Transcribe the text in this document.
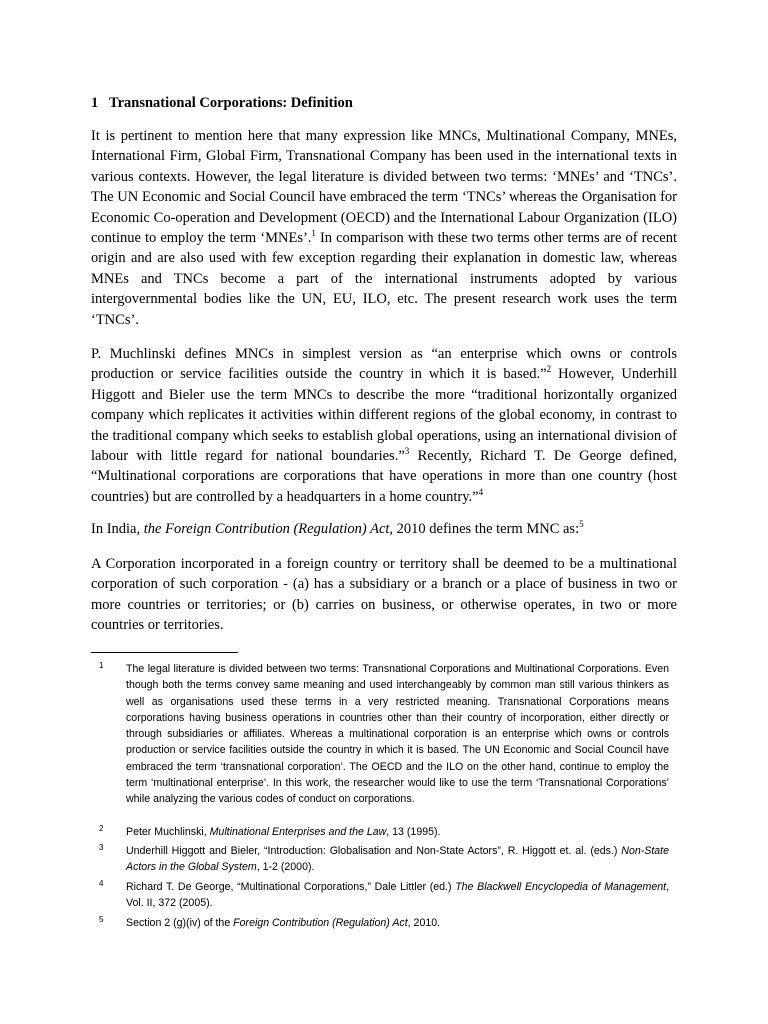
1 Transnational Corporations: Definition

It is pertinent to mention here that many expression like MNCs, Multinational Company, MNEs, International Firm, Global Firm, Transnational Company has been used in the international texts in various contexts. However, the legal literature is divided between two terms: ‘MNEs’ and ‘TNCs’. The UN Economic and Social Council have embraced the term ‘TNCs’ whereas the Organisation for Economic Co-operation and Development (OECD) and the International Labour Organization (ILO) continue to employ the term ‘MNEs’.$^1$ In comparison with these two terms other terms are of recent origin and are also used with few exception regarding their explanation in domestic law, whereas MNEs and TNCs become a part of the international instruments adopted by various intergovernmental bodies like the UN, EU, ILO, etc. The present research work uses the term ‘TNCs’.

P. Muchlinski defines MNCs in simplest version as “an enterprise which owns or controls production or service facilities outside the country in which it is based.”$^2$ However, Underhill Higgott and Bieler use the term MNCs to describe the more “traditional horizontally organized company which replicates it activities within different regions of the global economy, in contrast to the traditional company which seeks to establish global operations, using an international division of labour with little regard for national boundaries.”$^3$ Recently, Richard T. De George defined, “Multinational corporations are corporations that have operations in more than one country (host countries) but are controlled by a headquarters in a home country.”$^4$

In India, the Foreign Contribution (Regulation) Act, 2010 defines the term MNC as:$^5$

A Corporation incorporated in a foreign country or territory shall be deemed to be a multinational corporation of such corporation - (a) has a subsidiary or a branch or a place of business in two or more countries or territories; or (b) carries on business, or otherwise operates, in two or more countries or territories.

1 The legal literature is divided between two terms: Transnational Corporations and Multinational Corporations. Even though both the terms convey same meaning and used interchangeably by common man still various thinkers as well as organisations used these terms in a very restricted meaning. Transnational Corporations means corporations having business operations in countries other than their country of incorporation, either directly or through subsidiaries or affiliates. Whereas a multinational corporation is an enterprise which owns or controls production or service facilities outside the country in which it is based. The UN Economic and Social Council have embraced the term ‘transnational corporation’. The OECD and the ILO on the other hand, continue to employ the term ‘multinational enterprise’. In this work, the researcher would like to use the term ‘Transnational Corporations’ while analyzing the various codes of conduct on corporations.

2 Peter Muchlinski, Multinational Enterprises and the Law, 13 (1995).

3 Underhill Higgott and Bieler, “Introduction: Globalisation and Non-State Actors”, R. Higgott et. al. (eds.) Non-State Actors in the Global System, 1-2 (2000).

4 Richard T. De George, “Multinational Corporations,” Dale Littler (ed.) The Blackwell Encyclopedia of Management, Vol. II, 372 (2005).

5 Section 2 (g)(iv) of the Foreign Contribution (Regulation) Act, 2010.
